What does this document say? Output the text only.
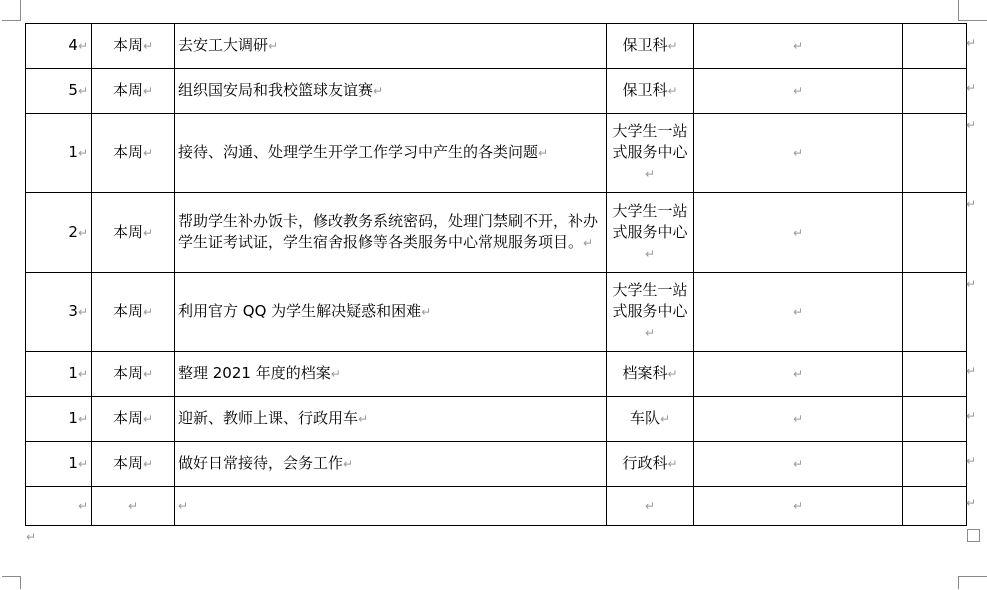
4↵	本周↵	去安工大调研↵	保卫科↵	↵	
5↵	本周↵	组织国安局和我校篮球友谊赛↵	保卫科↵	↵	
1↵	本周↵	接待、沟通、处理学生开学工作学习中产生的各类问题↵	大学生一站式服务中心↵	↵	
2↵	本周↵	帮助学生补办饭卡，修改教务系统密码，处理门禁刷不开，补办学生证考试证，学生宿舍报修等各类服务中心常规服务项目。↵	大学生一站式服务中心↵	↵	
3↵	本周↵	利用官方 QQ 为学生解决疑惑和困难↵	大学生一站式服务中心↵	↵	
1↵	本周↵	整理 2021 年度的档案↵	档案科↵	↵	
1↵	本周↵	迎新、教师上课、行政用车↵	车队↵	↵	
1↵	本周↵	做好日常接待，会务工作↵	行政科↵	↵	
↵	↵	↵	↵	↵	
↵
↵
↵
↵
↵
↵
↵
↵
↵
↵
